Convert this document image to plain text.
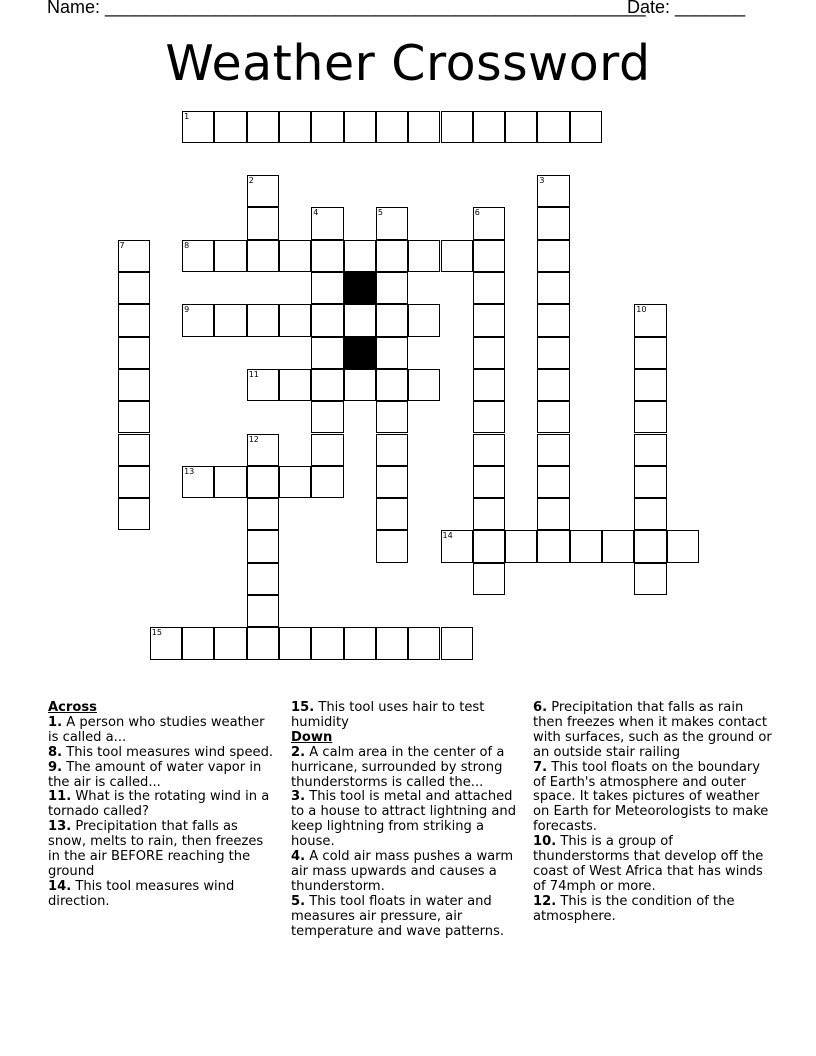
Name: ______________________________________________________
Date: _______
Weather Crossword
1
8
9
11
13
14
15
2	3
4	5	6
7
10
12
Across
1. A person who studies weather is called a...
8. This tool measures wind speed.
9. The amount of water vapor in the air is called...
11. What is the rotating wind in a tornado called?
13. Precipitation that falls as snow, melts to rain, then freezes in the air BEFORE reaching the ground
14. This tool measures wind direction.
15. This tool uses hair to test humidity
Down
2. A calm area in the center of a hurricane, surrounded by strong thunderstorms is called the...
3. This tool is metal and attached to a house to attract lightning and keep lightning from striking a house.
4. A cold air mass pushes a warm air mass upwards and causes a thunderstorm.
5. This tool floats in water and measures air pressure, air temperature and wave patterns.
6. Precipitation that falls as rain then freezes when it makes contact with surfaces, such as the ground or an outside stair railing
7. This tool floats on the boundary of Earth's atmosphere and outer space. It takes pictures of weather on Earth for Meteorologists to make forecasts.
10. This is a group of thunderstorms that develop off the coast of West Africa that has winds of 74mph or more.
12. This is the condition of the atmosphere.
